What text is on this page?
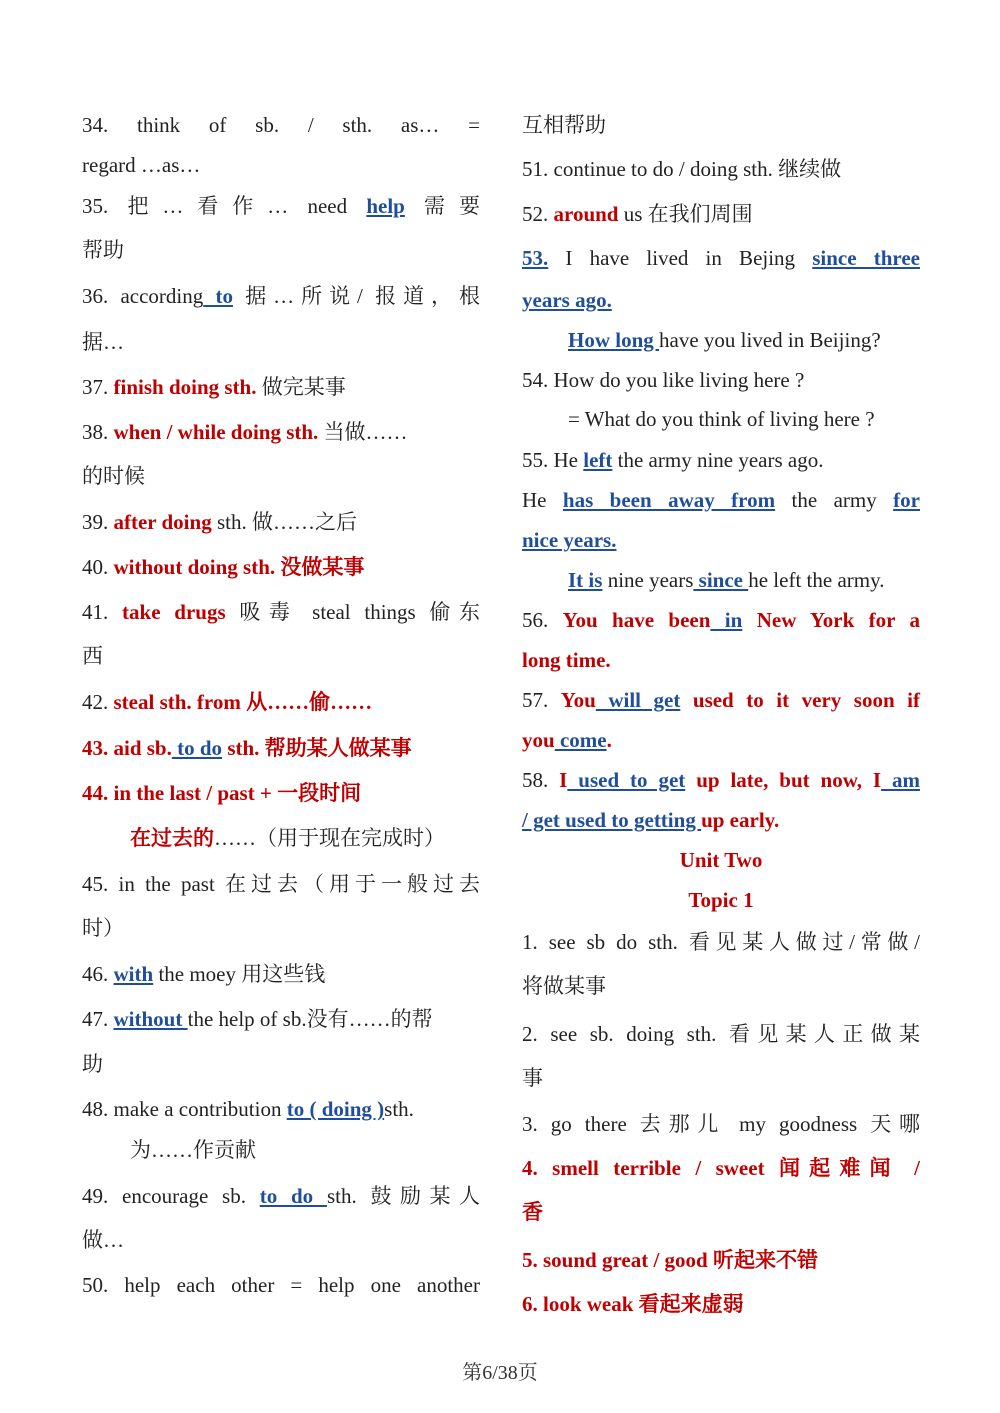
34. think of sb. / sth. as… =
regard …as…
35. 把…看作… need help 需要
帮助
36. according to 据…所说/ 报道，根
据…
37. finish doing sth. 做完某事
38. when / while doing sth. 当做……
的时候
39. after doing sth. 做……之后
40. without doing sth. 没做某事
41. take drugs 吸毒 steal things 偷东
西
42. steal sth. from 从……偷……
43. aid sb. to do sth. 帮助某人做某事
44. in the last / past + 一段时间
在过去的……（用于现在完成时）
45. in the past 在过去（用于一般过去
时）
46. with the moey 用这些钱
47. without the help of sb.没有……的帮
助
48. make a contribution to ( doing )sth.
为……作贡献
49. encourage sb. to do sth. 鼓励某人
做…
50. help each other = help one another
互相帮助
51. continue to do / doing sth. 继续做
52. around us 在我们周围
53. I have lived in Bejing since three
years ago.
How long have you lived in Beijing?
54. How do you like living here ?
= What do you think of living here ?
55. He left the army nine years ago.
He has been away from the army for
nice years.
It is nine years since he left the army.
56. You have been in New York for a
long time.
57. You will get used to it very soon if
you come.
58. I used to get up late, but now, I am
/ get used to getting up early.
Unit Two
Topic 1
1. see sb do sth. 看见某人做过/常做/
将做某事
2. see sb. doing sth. 看见某人正做某
事
3. go there 去那儿 my goodness 天哪
4. smell terrible / sweet 闻起难闻 /
香
5. sound great / good 听起来不错
6. look weak 看起来虚弱
第6/38页
